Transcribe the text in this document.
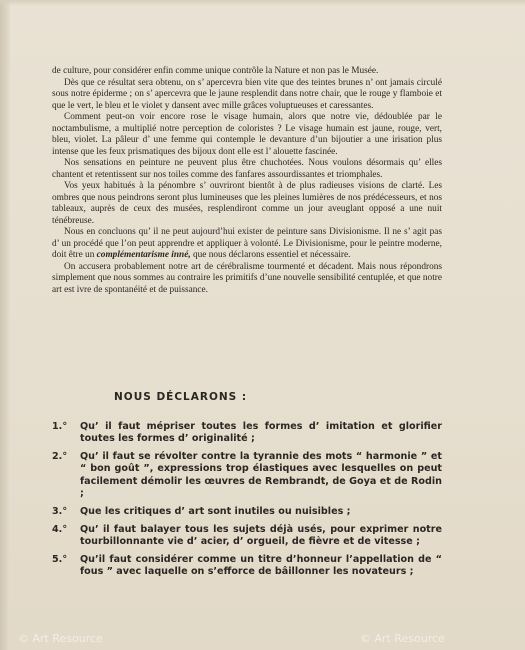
de culture, pour considérer enfin comme unique contrôle la Nature et non pas le Musée.

Dès que ce résultat sera obtenu, on s’ apercevra bien vite que des teintes brunes n’ ont jamais circulé sous notre épiderme ; on s’ apercevra que le jaune resplendit dans notre chair, que le rouge y flamboie et que le vert, le bleu et le violet y dansent avec mille grâces voluptueuses et caressantes.

Comment peut-on voir encore rose le visage humain, alors que notre vie, dédoublée par le noctambulisme, a multiplié notre perception de coloristes ? Le visage humain est jaune, rouge, vert, bleu, violet. La pâleur d’ une femme qui contemple le devanture d’un bijoutier a une irisation plus intense que les feux prismatiques des bijoux dont elle est l’ alouette fascinée.

Nos sensations en peinture ne peuvent plus être chuchotées. Nous voulons désormais qu’ elles chantent et retentissent sur nos toiles comme des fanfares assourdissantes et triomphales.

Vos yeux habitués à la pénombre s’ ouvriront bientôt à de plus radieuses visions de clarté. Les ombres que nous peindrons seront plus lumineuses que les pleines lumières de nos prédécesseurs, et nos tableaux, auprès de ceux des musées, resplendiront comme un jour aveuglant opposé a une nuit ténébreuse.

Nous en concluons qu’ il ne peut aujourd’hui exister de peinture sans Divisionisme. Il ne s’ agit pas d’ un procédé que l’on peut apprendre et appliquer à volonté. Le Divisionisme, pour le peintre moderne, doit être un complémentarisme inné, que nous déclarons essentiel et nécessaire.

On accusera probablement notre art de cérébralisme tourmenté et décadent. Mais nous répondrons simplement que nous sommes au contraire les primitifs d’une nouvelle sensibilité centuplée, et que notre art est ivre de spontanéité et de puissance.

NOUS DÉCLARONS :
1.°	Qu’ il faut mépriser toutes les formes d’ imitation et glorifier toutes les formes d’ originalité ;
2.°	Qu’ il faut se révolter contre la tyrannie des mots “ harmonie ” et “ bon goût ”, expressions trop élastiques avec lesquelles on peut facilement démolir les œuvres de Rembrandt, de Goya et de Rodin ;
3.°	Que les critiques d’ art sont inutiles ou nuisibles ;
4.°	Qu’ il faut balayer tous les sujets déjà usés, pour exprimer notre tourbillonnante vie d’ acier, d’ orgueil, de fièvre et de vitesse ;
5.°	Qu’il faut considérer comme un titre d’honneur l’appellation de “ fous ” avec laquelle on s’efforce de bâillonner les novateurs ;
© Art Resource	© Art Resource
